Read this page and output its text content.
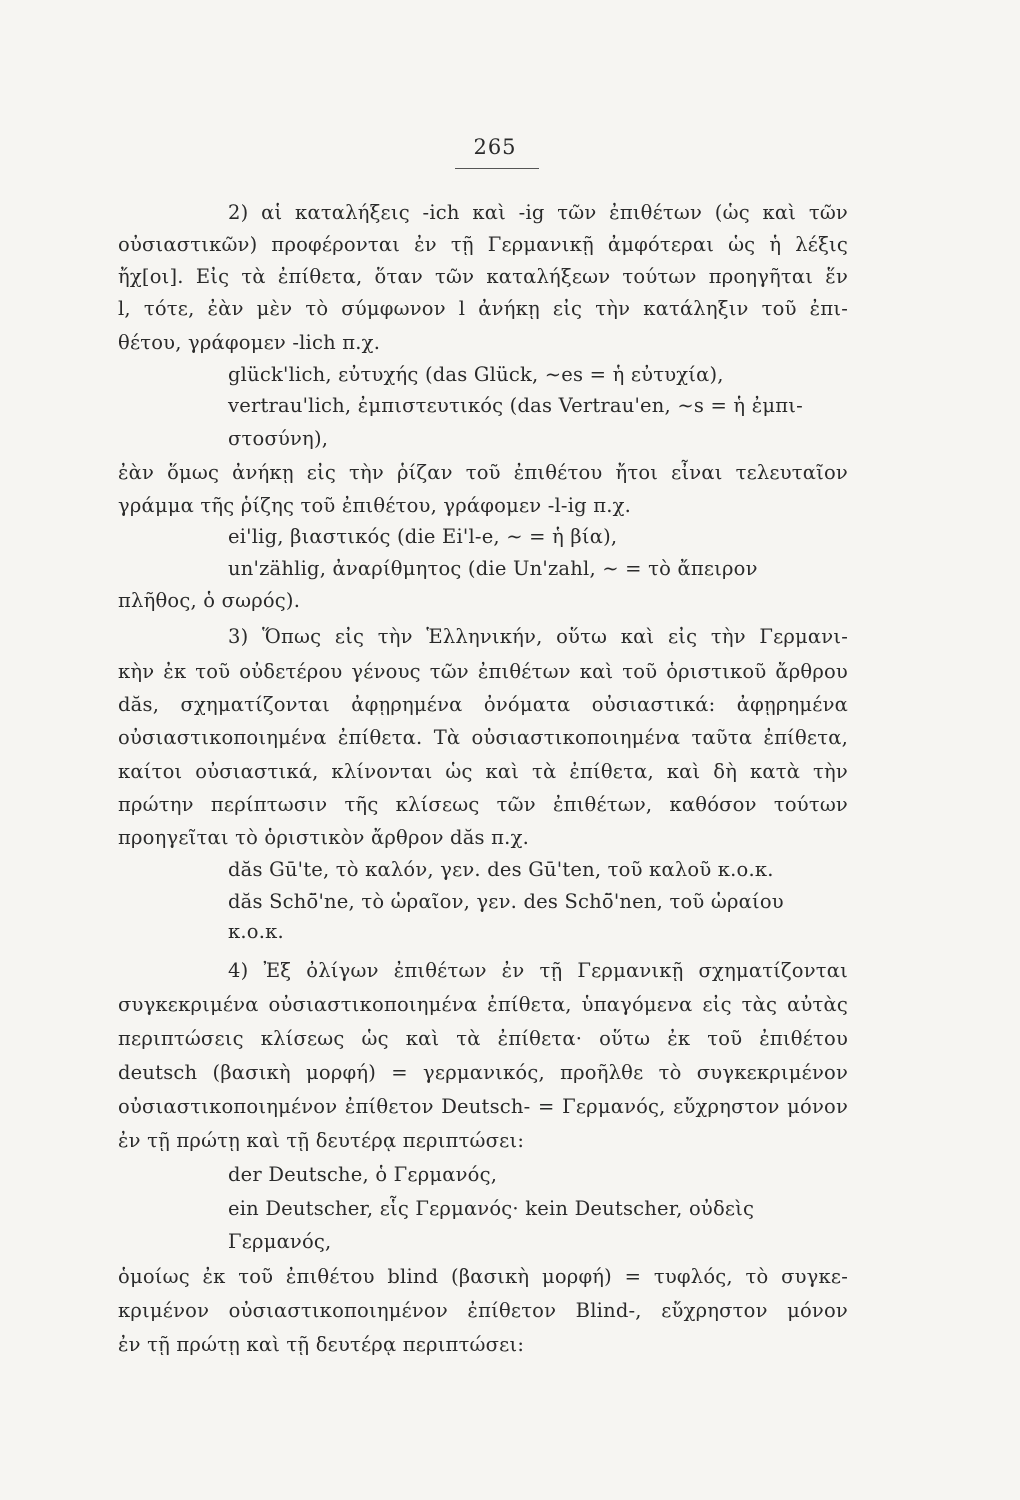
265
2) αἱ καταλήξεις -ich καὶ -ig τῶν ἐπιθέτων (ὡς καὶ τῶν
οὐσιαστικῶν) προφέρονται ἐν τῇ Γερμανικῇ ἀμφότεραι ὡς ἡ λέξις
ἤχ[οι]. Εἰς τὰ ἐπίθετα, ὅταν τῶν καταλήξεων τούτων προηγῆται ἕν
l, τότε, ἐὰν μὲν τὸ σύμφωνον l ἀνήκῃ εἰς τὴν κατάληξιν τοῦ ἐπι-
θέτου, γράφομεν -lich π.χ.
glück'lich, εὐτυχής (das Glück, ∼es = ἡ εὐτυχία),
vertrau'lich, ἐμπιστευτικός (das Vertrau'en, ∼s = ἡ ἐμπι-
στοσύνη),
ἐὰν ὅμως ἀνήκῃ εἰς τὴν ῥίζαν τοῦ ἐπιθέτου ἤτοι εἶναι τελευταῖον
γράμμα τῆς ῥίζης τοῦ ἐπιθέτου, γράφομεν -l-ig π.χ.
ei'lig, βιαστικός (die Ei'l-e, ∼ = ἡ βία),
un'zählig, ἀναρίθμητος (die Un'zahl, ∼ = τὸ ἄπειρον
πλῆθος, ὁ σωρός).
3) Ὅπως εἰς τὴν Ἑλληνικήν, οὕτω καὶ εἰς τὴν Γερμανι-
κὴν ἐκ τοῦ οὐδετέρου γένους τῶν ἐπιθέτων καὶ τοῦ ὁριστικοῦ ἄρθρου
dăs, σχηματίζονται ἀφῃρημένα ὀνόματα οὐσιαστικά: ἀφῃρημένα
οὐσιαστικοποιημένα ἐπίθετα. Τὰ οὐσιαστικοποιημένα ταῦτα ἐπίθετα,
καίτοι οὐσιαστικά, κλίνονται ὡς καὶ τὰ ἐπίθετα, καὶ δὴ κατὰ τὴν
πρώτην περίπτωσιν τῆς κλίσεως τῶν ἐπιθέτων, καθόσον τούτων
προηγεῖται τὸ ὁριστικὸν ἄρθρον dăs π.χ.
dăs Gū'te, τὸ καλόν, γεν. des Gū'ten, τοῦ καλοῦ κ.ο.κ.
dăs Schō̈'ne, τὸ ὡραῖον, γεν. des Schō̈'nen, τοῦ ὡραίου
κ.ο.κ.
4) Ἐξ ὀλίγων ἐπιθέτων ἐν τῇ Γερμανικῇ σχηματίζονται
συγκεκριμένα οὐσιαστικοποιημένα ἐπίθετα, ὑπαγόμενα εἰς τὰς αὐτὰς
περιπτώσεις κλίσεως ὡς καὶ τὰ ἐπίθετα· οὕτω ἐκ τοῦ ἐπιθέτου
deutsch (βασικὴ μορφή) = γερμανικός, προῆλθε τὸ συγκεκριμένον
οὐσιαστικοποιημένον ἐπίθετον Deutsch- = Γερμανός, εὔχρηστον μόνον
ἐν τῇ πρώτῃ καὶ τῇ δευτέρᾳ περιπτώσει:
der Deutsche, ὁ Γερμανός,
ein Deutscher, εἷς Γερμανός· kein Deutscher, οὐδεὶς
Γερμανός,
ὁμοίως ἐκ τοῦ ἐπιθέτου blind (βασικὴ μορφή) = τυφλός, τὸ συγκε-
κριμένον οὐσιαστικοποιημένον ἐπίθετον Blind-, εὔχρηστον μόνον
ἐν τῇ πρώτῃ καὶ τῇ δευτέρᾳ περιπτώσει:
